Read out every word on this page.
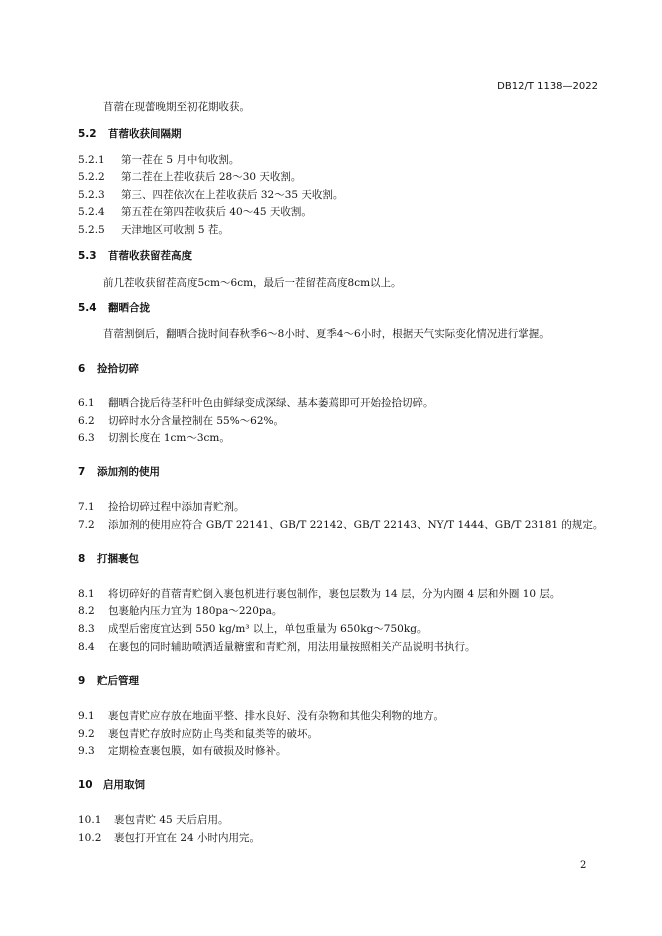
DB12/T 1138—2022
苜蓿在现蕾晚期至初花期收获。
5.2 苜蓿收获间隔期
5.2.1 第一茬在 5 月中旬收割。
5.2.2 第二茬在上茬收获后 28～30 天收割。
5.2.3 第三、四茬依次在上茬收获后 32～35 天收割。
5.2.4 第五茬在第四茬收获后 40～45 天收割。
5.2.5 天津地区可收割 5 茬。
5.3 苜蓿收获留茬高度
前几茬收获留茬高度5cm～6cm，最后一茬留茬高度8cm以上。
5.4 翻晒合拢
苜蓿割倒后，翻晒合拢时间春秋季6～8小时、夏季4～6小时，根据天气实际变化情况进行掌握。
6 捡拾切碎
6.1 翻晒合拢后待茎秆叶色由鲜绿变成深绿、基本萎蔫即可开始捡拾切碎。
6.2 切碎时水分含量控制在 55%～62%。
6.3 切割长度在 1cm～3cm。
7 添加剂的使用
7.1 捡拾切碎过程中添加青贮剂。
7.2 添加剂的使用应符合 GB/T 22141、GB/T 22142、GB/T 22143、NY/T 1444、GB/T 23181 的规定。
8 打捆裹包
8.1 将切碎好的苜蓿青贮倒入裹包机进行裹包制作，裹包层数为 14 层，分为内圈 4 层和外圈 10 层。
8.2 包裹舱内压力宜为 180pa～220pa。
8.3 成型后密度宜达到 550 kg/m³ 以上，单包重量为 650kg～750kg。
8.4 在裹包的同时辅助喷洒适量糖蜜和青贮剂，用法用量按照相关产品说明书执行。
9 贮后管理
9.1 裹包青贮应存放在地面平整、排水良好、没有杂物和其他尖利物的地方。
9.2 裹包青贮存放时应防止鸟类和鼠类等的破坏。
9.3 定期检查裹包膜，如有破损及时修补。
10 启用取饲
10.1 裹包青贮 45 天后启用。
10.2 裹包打开宜在 24 小时内用完。
2
